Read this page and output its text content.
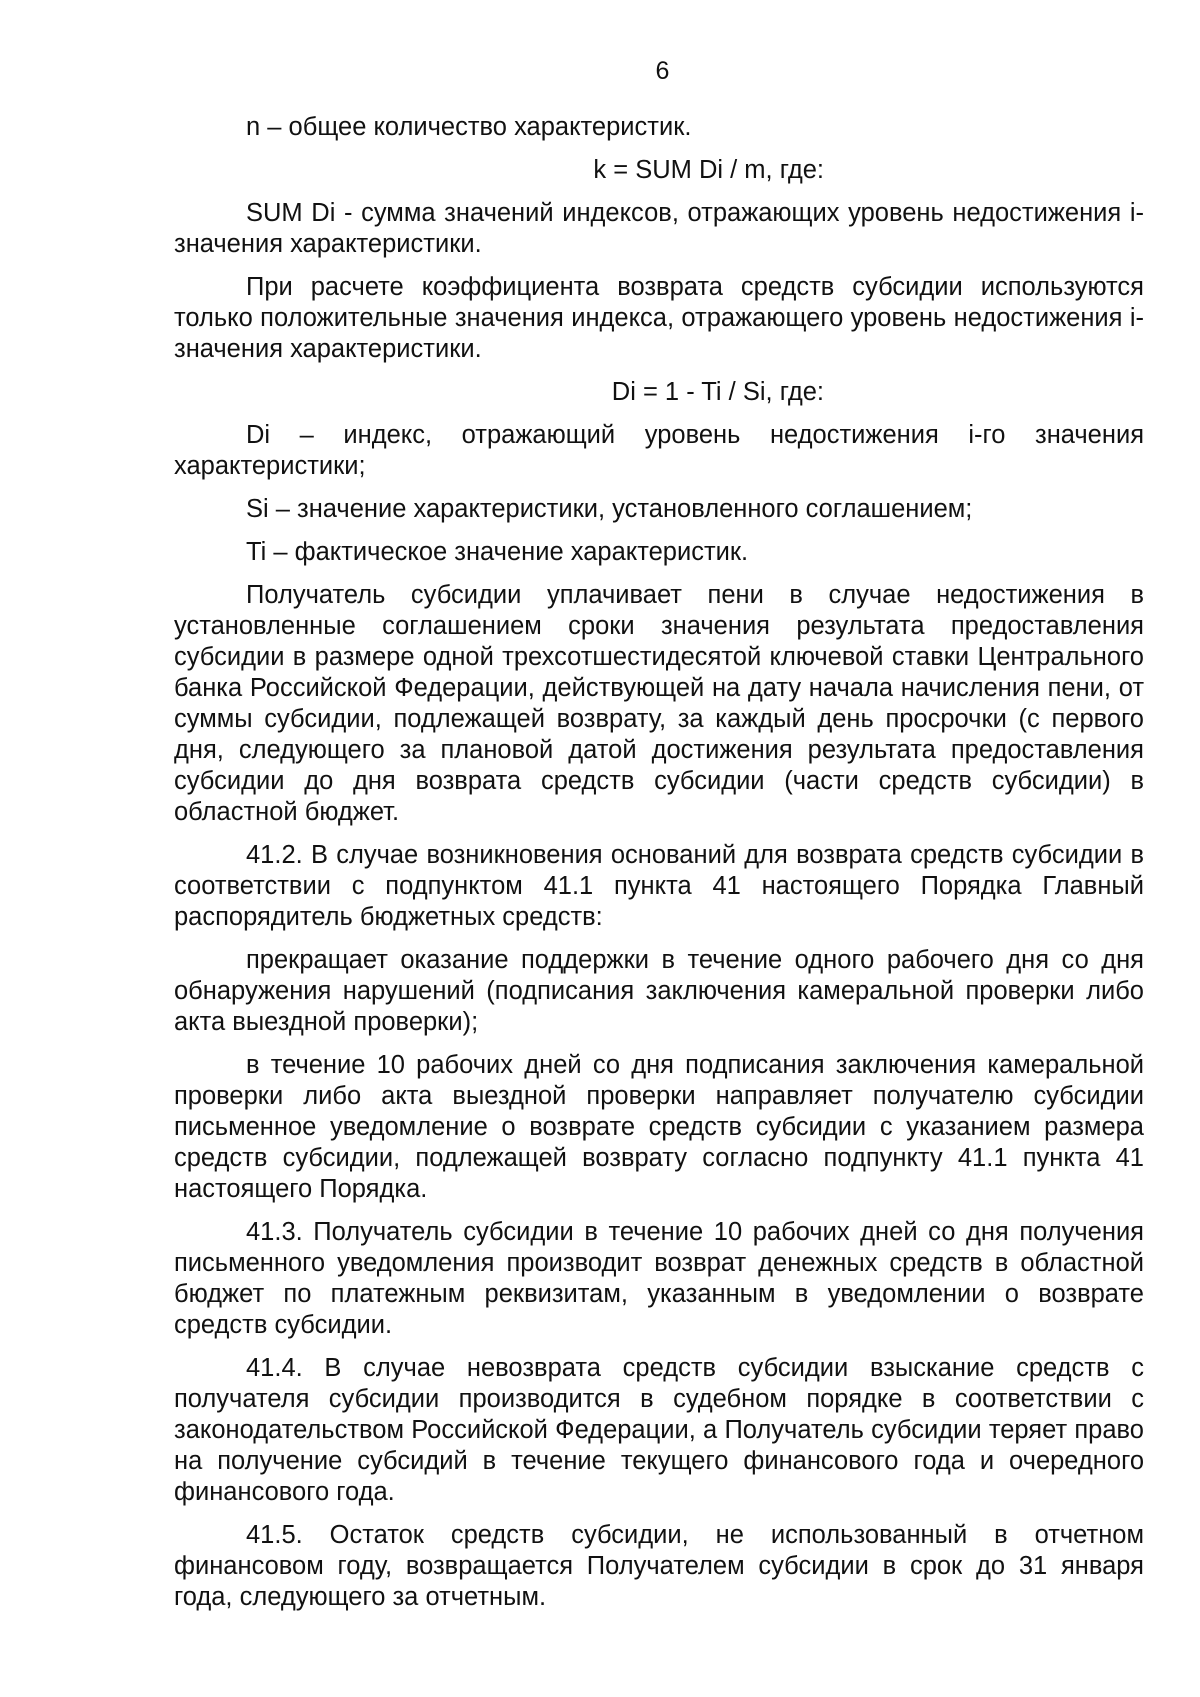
6

n – общее количество характеристик.

k = SUM Di / m, где:

SUM Di - сумма значений индексов, отражающих уровень недостижения i-значения характеристики.

При расчете коэффициента возврата средств субсидии используются только положительные значения индекса, отражающего уровень недостижения i-значения характеристики.

Di = 1 - Ti / Si, где:

Di – индекс, отражающий уровень недостижения i-го значения характеристики;

Si – значение характеристики, установленного соглашением;

Ti – фактическое значение характеристик.

Получатель субсидии уплачивает пени в случае недостижения в установленные соглашением сроки значения результата предоставления субсидии в размере одной трехсотшестидесятой ключевой ставки Центрального банка Российской Федерации, действующей на дату начала начисления пени, от суммы субсидии, подлежащей возврату, за каждый день просрочки (с первого дня, следующего за плановой датой достижения результата предоставления субсидии до дня возврата средств субсидии (части средств субсидии) в областной бюджет.

41.2. В случае возникновения оснований для возврата средств субсидии в соответствии с подпунктом 41.1 пункта 41 настоящего Порядка Главный распорядитель бюджетных средств:

прекращает оказание поддержки в течение одного рабочего дня со дня обнаружения нарушений (подписания заключения камеральной проверки либо акта выездной проверки);

в течение 10 рабочих дней со дня подписания заключения камеральной проверки либо акта выездной проверки направляет получателю субсидии письменное уведомление о возврате средств субсидии с указанием размера средств субсидии, подлежащей возврату согласно подпункту 41.1 пункта 41 настоящего Порядка.

41.3. Получатель субсидии в течение 10 рабочих дней со дня получения письменного уведомления производит возврат денежных средств в областной бюджет по платежным реквизитам, указанным в уведомлении о возврате средств субсидии.

41.4. В случае невозврата средств субсидии взыскание средств с получателя субсидии производится в судебном порядке в соответствии с законодательством Российской Федерации, а Получатель субсидии теряет право на получение субсидий в течение текущего финансового года и очередного финансового года.

41.5. Остаток средств субсидии, не использованный в отчетном финансовом году, возвращается Получателем субсидии в срок до 31 января года, следующего за отчетным.
